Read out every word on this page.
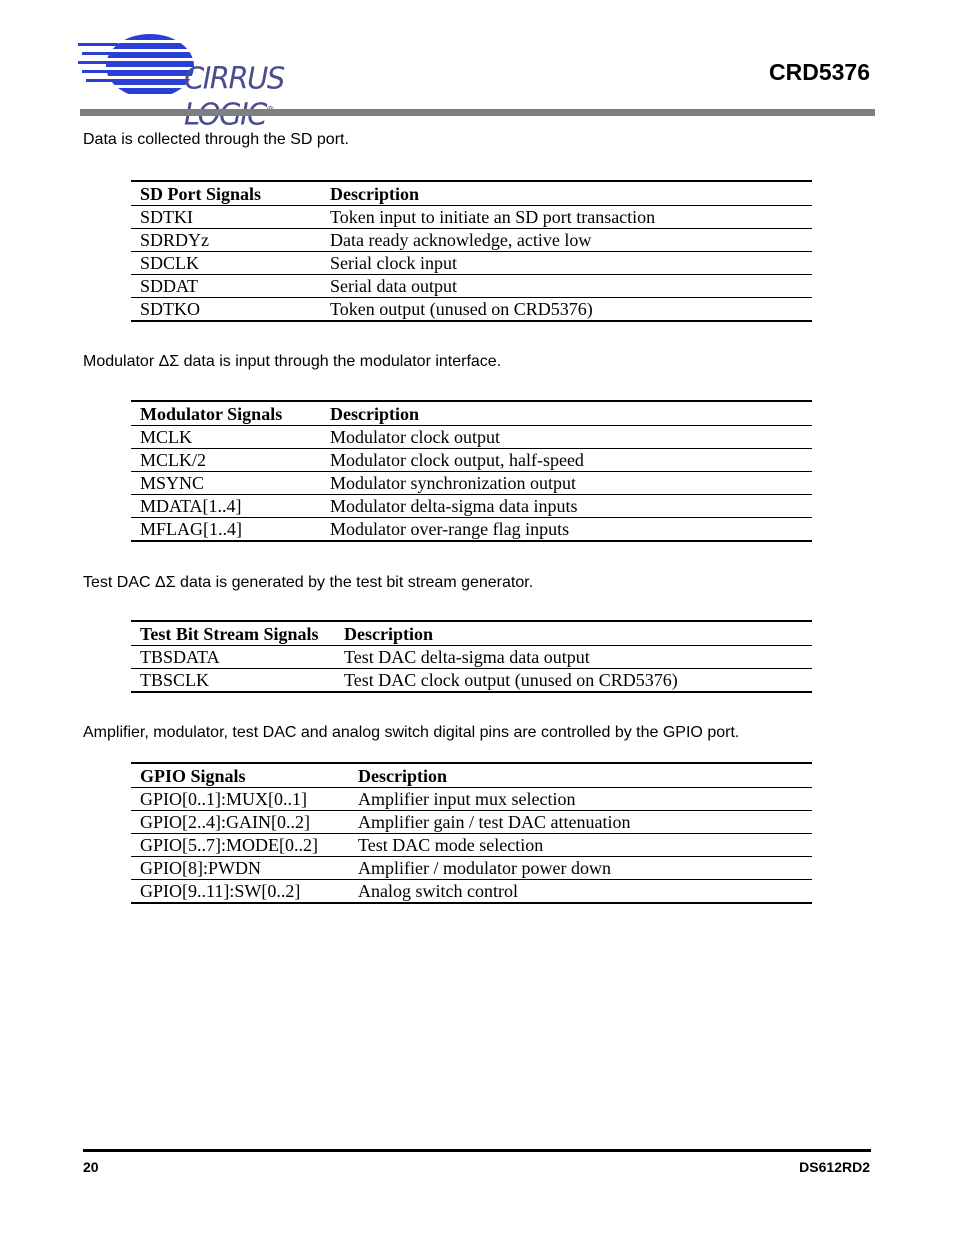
CIRRUS	CRD5376
Data is collected through the SD port.
SD Port Signals	Description
SDTKI	Token input to initiate an SD port transaction
SDRDYz	Data ready acknowledge, active low
SDCLK	Serial clock input
SDDAT	Serial data output
SDTKO	Token output (unused on CRD5376)
Modulator ΔΣ data is input through the modulator interface.
Modulator Signals	Description
MCLK	Modulator clock output
MCLK/2	Modulator clock output, half-speed
MSYNC	Modulator synchronization output
MDATA[1..4]	Modulator delta-sigma data inputs
MFLAG[1..4]	Modulator over-range flag inputs
Test DAC ΔΣ data is generated by the test bit stream generator.
Test Bit Stream Signals	Description
TBSDATA	Test DAC delta-sigma data output
TBSCLK	Test DAC clock output (unused on CRD5376)
Amplifier, modulator, test DAC and analog switch digital pins are controlled by the GPIO port.
GPIO Signals	Description
GPIO[0..1]:MUX[0..1]	Amplifier input mux selection
GPIO[2..4]:GAIN[0..2]	Amplifier gain / test DAC attenuation
GPIO[5..7]:MODE[0..2]	Test DAC mode selection
GPIO[8]:PWDN	Amplifier / modulator power down
GPIO[9..11]:SW[0..2]	Analog switch control
20	DS612RD2
